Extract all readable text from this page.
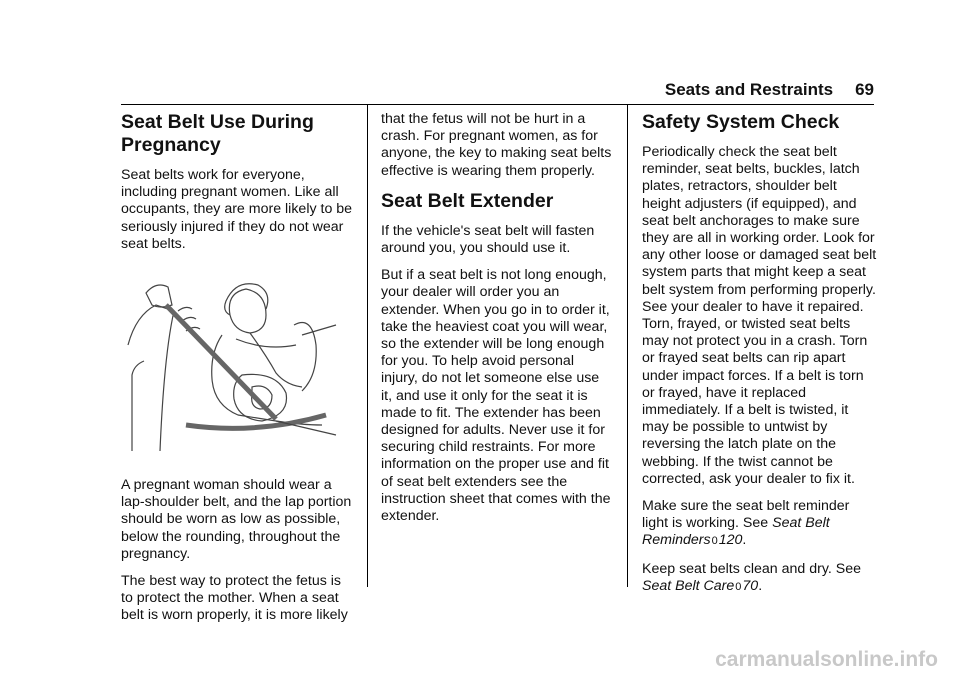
Seats and Restraints 69
Seat Belt Use During Pregnancy

Seat belts work for everyone, including pregnant women. Like all occupants, they are more likely to be seriously injured if they do not wear seat belts.

A pregnant woman should wear a lap-shoulder belt, and the lap portion should be worn as low as possible, below the rounding, throughout the pregnancy.

The best way to protect the fetus is to protect the mother. When a seat belt is worn properly, it is more likely

that the fetus will not be hurt in a crash. For pregnant women, as for anyone, the key to making seat belts effective is wearing them properly.

Seat Belt Extender

If the vehicle's seat belt will fasten around you, you should use it.

But if a seat belt is not long enough, your dealer will order you an extender. When you go in to order it, take the heaviest coat you will wear, so the extender will be long enough for you. To help avoid personal injury, do not let someone else use it, and use it only for the seat it is made to fit. The extender has been designed for adults. Never use it for securing child restraints. For more information on the proper use and fit of seat belt extenders see the instruction sheet that comes with the extender.

Safety System Check

Periodically check the seat belt reminder, seat belts, buckles, latch plates, retractors, shoulder belt height adjusters (if equipped), and seat belt anchorages to make sure they are all in working order. Look for any other loose or damaged seat belt system parts that might keep a seat belt system from performing properly. See your dealer to have it repaired. Torn, frayed, or twisted seat belts may not protect you in a crash. Torn or frayed seat belts can rip apart under impact forces. If a belt is torn or frayed, have it replaced immediately. If a belt is twisted, it may be possible to untwist by reversing the latch plate on the webbing. If the twist cannot be corrected, ask your dealer to fix it.

Make sure the seat belt reminder light is working. See Seat Belt Reminders0120.

Keep seat belts clean and dry. See Seat Belt Care070.

carmanualsonline.info
